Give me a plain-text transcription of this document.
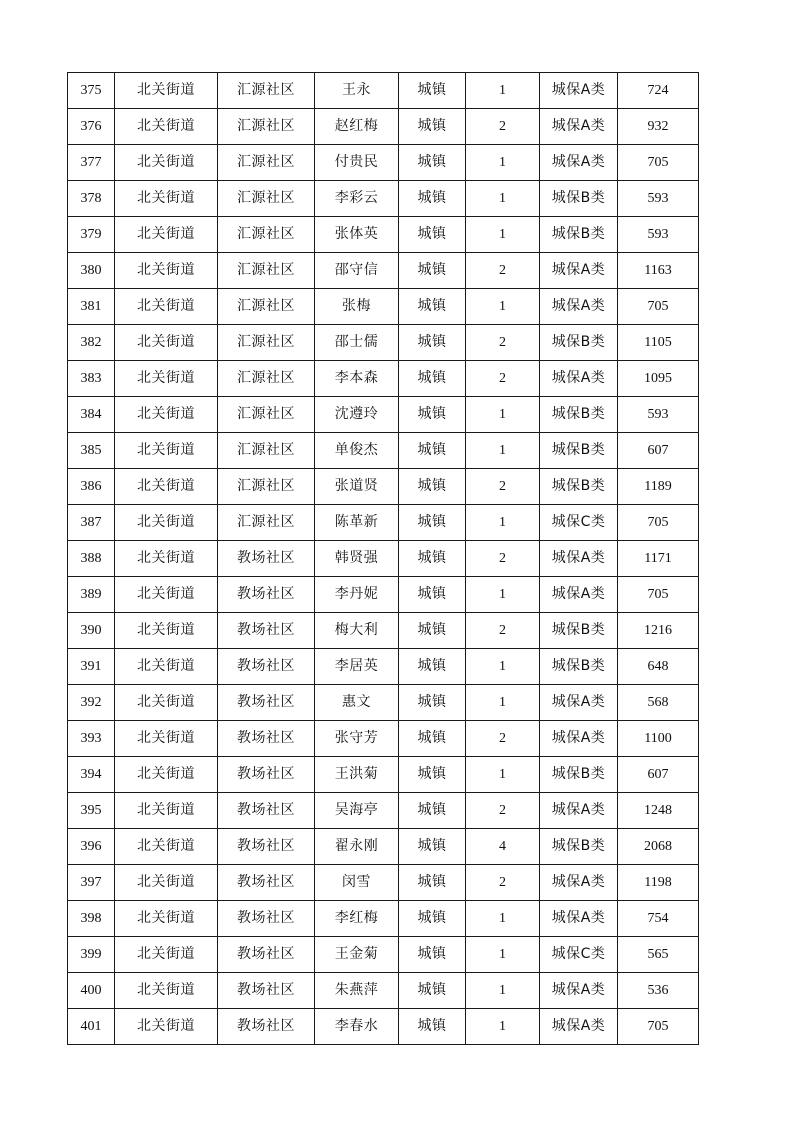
375	北关街道	汇源社区	王永	城镇	1	城保A类	724
376	北关街道	汇源社区	赵红梅	城镇	2	城保A类	932
377	北关街道	汇源社区	付贵民	城镇	1	城保A类	705
378	北关街道	汇源社区	李彩云	城镇	1	城保B类	593
379	北关街道	汇源社区	张体英	城镇	1	城保B类	593
380	北关街道	汇源社区	邵守信	城镇	2	城保A类	1163
381	北关街道	汇源社区	张梅	城镇	1	城保A类	705
382	北关街道	汇源社区	邵士儒	城镇	2	城保B类	1105
383	北关街道	汇源社区	李本森	城镇	2	城保A类	1095
384	北关街道	汇源社区	沈遵玲	城镇	1	城保B类	593
385	北关街道	汇源社区	单俊杰	城镇	1	城保B类	607
386	北关街道	汇源社区	张道贤	城镇	2	城保B类	1189
387	北关街道	汇源社区	陈革新	城镇	1	城保C类	705
388	北关街道	教场社区	韩贤强	城镇	2	城保A类	1171
389	北关街道	教场社区	李丹妮	城镇	1	城保A类	705
390	北关街道	教场社区	梅大利	城镇	2	城保B类	1216
391	北关街道	教场社区	李居英	城镇	1	城保B类	648
392	北关街道	教场社区	惠文	城镇	1	城保A类	568
393	北关街道	教场社区	张守芳	城镇	2	城保A类	1100
394	北关街道	教场社区	王洪菊	城镇	1	城保B类	607
395	北关街道	教场社区	吴海亭	城镇	2	城保A类	1248
396	北关街道	教场社区	翟永刚	城镇	4	城保B类	2068
397	北关街道	教场社区	闵雪	城镇	2	城保A类	1198
398	北关街道	教场社区	李红梅	城镇	1	城保A类	754
399	北关街道	教场社区	王金菊	城镇	1	城保C类	565
400	北关街道	教场社区	朱燕萍	城镇	1	城保A类	536
401	北关街道	教场社区	李春水	城镇	1	城保A类	705
